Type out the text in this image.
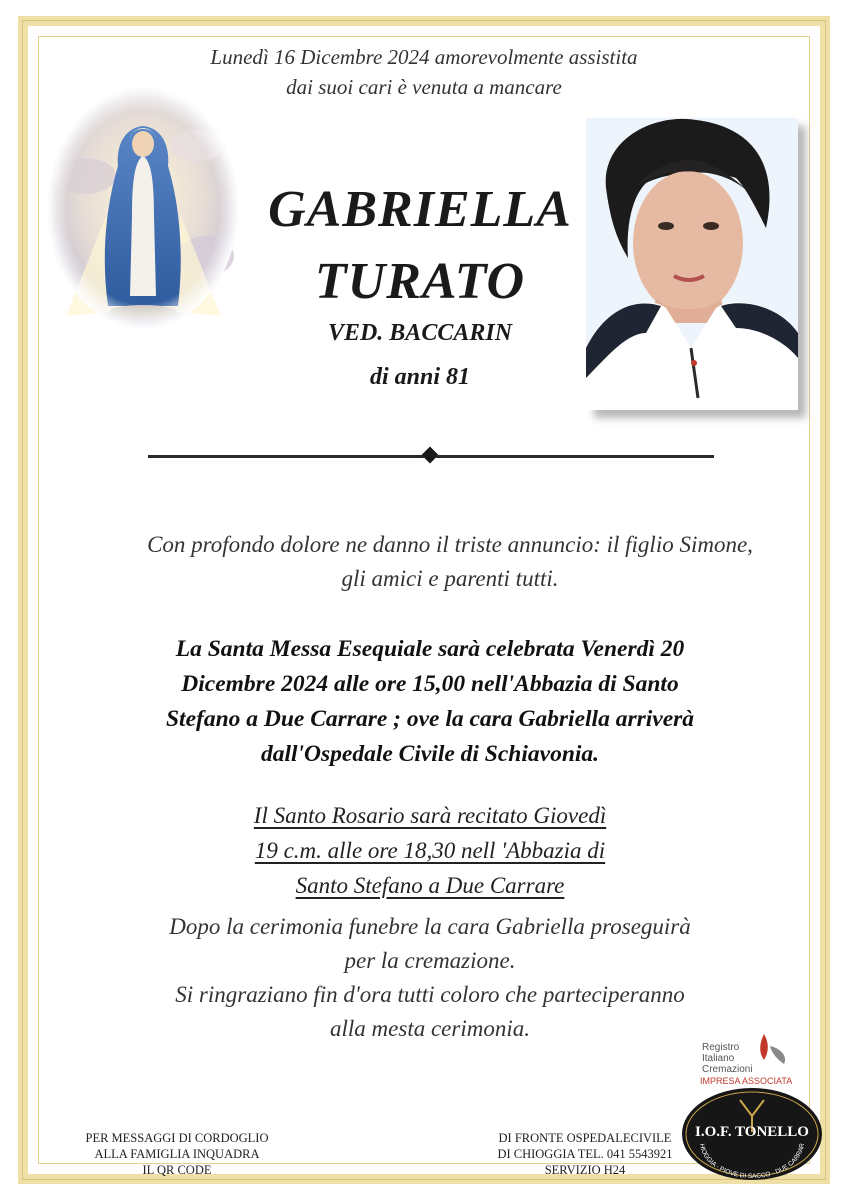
Lunedì 16 Dicembre 2024 amorevolmente assistita
dai suoi cari è venuta a mancare
GABRIELLA
TURATO
VED. BACCARIN
di anni 81
Con profondo dolore ne danno il triste annuncio: il figlio Simone,
gli amici e parenti tutti.
La Santa Messa Esequiale sarà celebrata Venerdì 20
Dicembre 2024 alle ore 15,00 nell'Abbazia di Santo
Stefano a Due Carrare ; ove la cara Gabriella arriverà
dall'Ospedale Civile di Schiavonia.
Il Santo Rosario sarà recitato Giovedì
19 c.m. alle ore 18,30 nell 'Abbazia di
Santo Stefano a Due Carrare
Dopo la cerimonia funebre la cara Gabriella proseguirà
per la cremazione.
Si ringraziano fin d'ora tutti coloro che parteciperanno
alla mesta cerimonia.
PER MESSAGGI DI CORDOGLIO
ALLA FAMIGLIA INQUADRA
IL QR CODE
DI FRONTE OSPEDALECIVILE
DI CHIOGGIA TEL. 041 5543921
SERVIZIO H24
Registro
Italiano
Cremazioni
IMPRESA ASSOCIATA
I.O.F. TONELLO
HIOGGIA · PIOVE DI SACCO · DUE CARRAR
